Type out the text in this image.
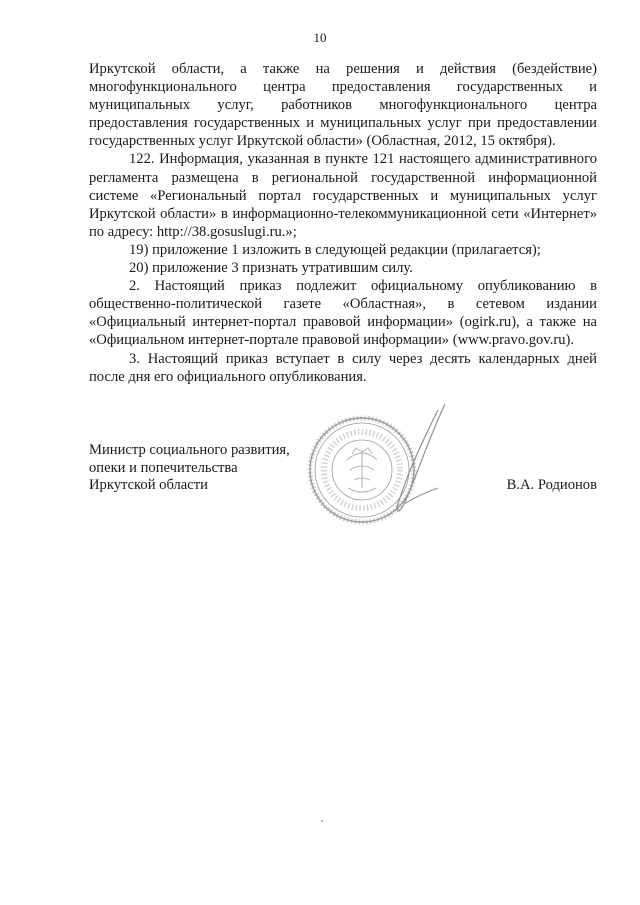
10

Иркутской области, а также на решения и действия (бездействие) многофункционального центра предоставления государственных и муниципальных услуг, работников многофункционального центра предоставления государственных и муниципальных услуг при предоставлении государственных услуг Иркутской области» (Областная, 2012, 15 октября).

122. Информация, указанная в пункте 121 настоящего административного регламента размещена в региональной государственной информационной системе «Региональный портал государственных и муниципальных услуг Иркутской области» в информационно-телекоммуникационной сети «Интернет» по адресу: http://38.gosuslugi.ru.»;

19) приложение 1 изложить в следующей редакции (прилагается);

20) приложение 3 признать утратившим силу.

2. Настоящий приказ подлежит официальному опубликованию в общественно-политической газете «Областная», в сетевом издании «Официальный интернет-портал правовой информации» (ogirk.ru), а также на «Официальном интернет-портале правовой информации» (www.pravo.gov.ru).

3. Настоящий приказ вступает в силу через десять календарных дней после дня его официального опубликования.

Министр социального развития,
опеки и попечительства
Иркутской области	В.А. Родионов
